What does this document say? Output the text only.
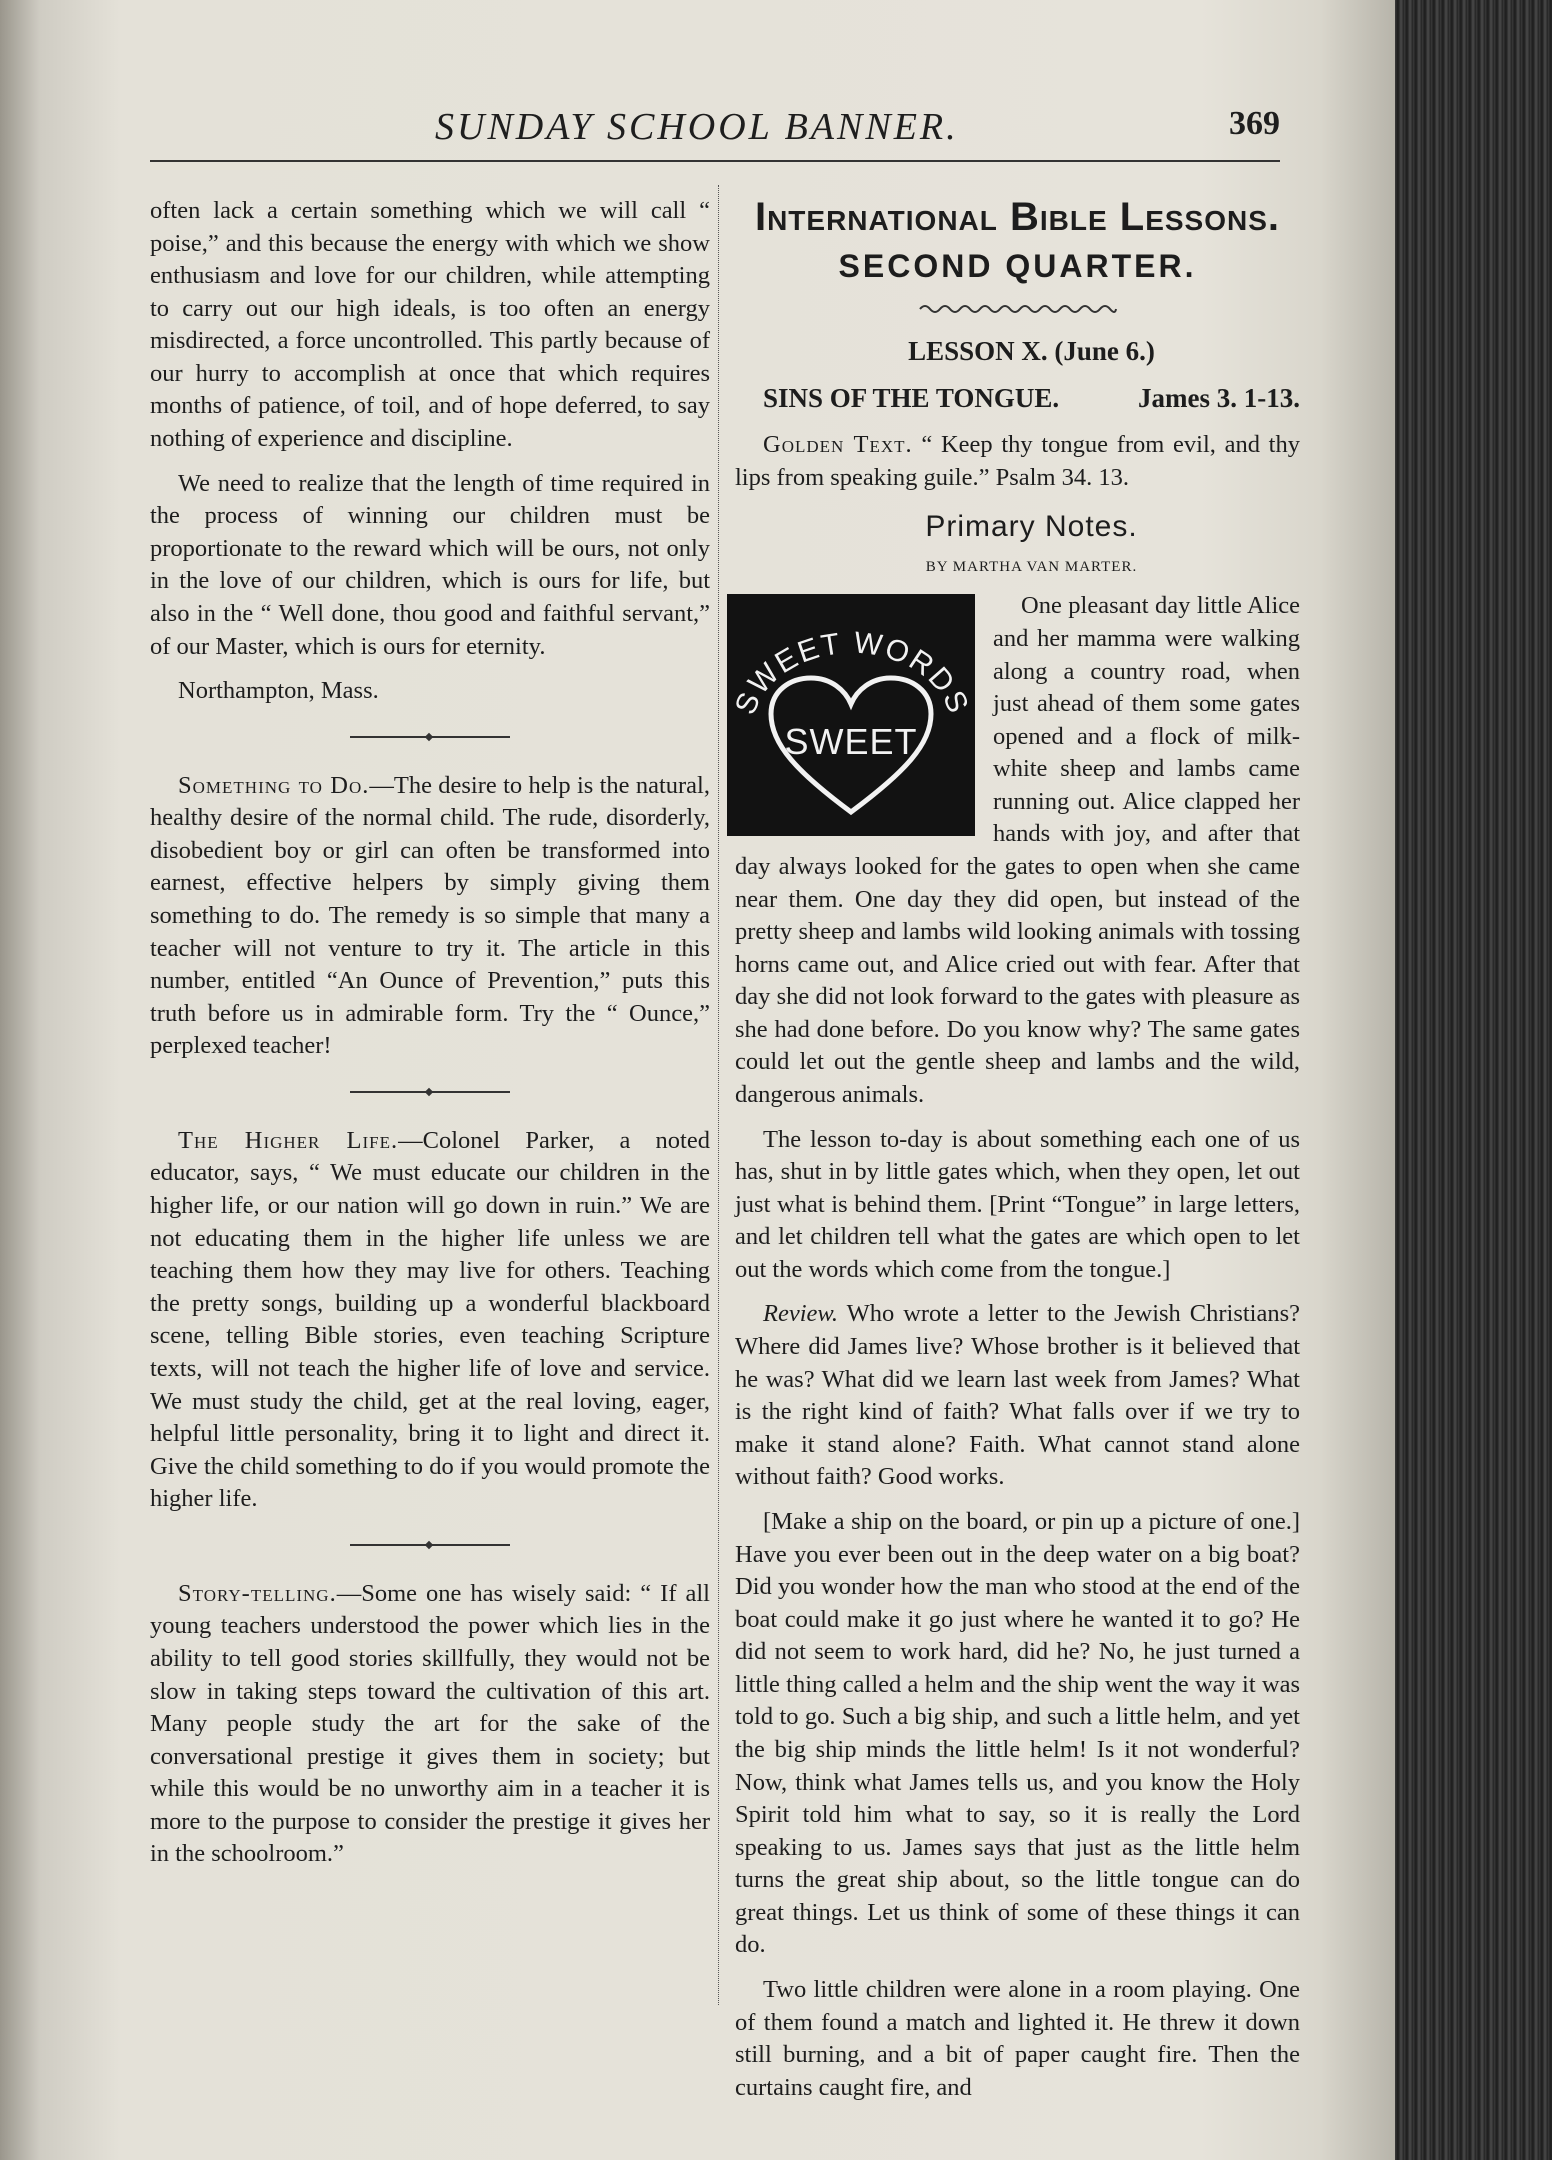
SUNDAY SCHOOL BANNER.	369

often lack a certain something which we will call “ poise,” and this because the energy with which we show enthusiasm and love for our children, while attempting to carry out our high ideals, is too often an energy misdirected, a force uncontrolled. This partly because of our hurry to accomplish at once that which requires months of patience, of toil, and of hope deferred, to say nothing of experience and discipline.

We need to realize that the length of time required in the process of winning our children must be proportionate to the reward which will be ours, not only in the love of our children, which is ours for life, but also in the “ Well done, thou good and faithful servant,” of our Master, which is ours for eternity.

Northampton, Mass.

Something to Do.—The desire to help is the natural, healthy desire of the normal child. The rude, disorderly, disobedient boy or girl can often be transformed into earnest, effective helpers by simply giving them something to do. The remedy is so simple that many a teacher will not venture to try it. The article in this number, entitled “An Ounce of Prevention,” puts this truth before us in admirable form. Try the “ Ounce,” perplexed teacher!

The Higher Life.—Colonel Parker, a noted educator, says, “ We must educate our children in the higher life, or our nation will go down in ruin.” We are not educating them in the higher life unless we are teaching them how they may live for others. Teaching the pretty songs, building up a wonderful blackboard scene, telling Bible stories, even teaching Scripture texts, will not teach the higher life of love and service. We must study the child, get at the real loving, eager, helpful little personality, bring it to light and direct it. Give the child something to do if you would promote the higher life.

Story-telling.—Some one has wisely said: “ If all young teachers understood the power which lies in the ability to tell good stories skillfully, they would not be slow in taking steps toward the cultivation of this art. Many people study the art for the sake of the conversational prestige it gives them in society; but while this would be no unworthy aim in a teacher it is more to the purpose to consider the prestige it gives her in the schoolroom.”

International Bible Lessons.
SECOND QUARTER.

LESSON X. (June 6.)

SINS OF THE TONGUE.	James 3. 1-13.

Golden Text. “ Keep thy tongue from evil, and thy lips from speaking guile.” Psalm 34. 13.

Primary Notes.

BY MARTHA VAN MARTER.

SWEET WORDS
SWEET

One pleasant day little Alice and her mamma were walking along a country road, when just ahead of them some gates opened and a flock of milk-white sheep and lambs came running out. Alice clapped her hands with joy, and after that day always looked for the gates to open when she came near them. One day they did open, but instead of the pretty sheep and lambs wild looking animals with tossing horns came out, and Alice cried out with fear. After that day she did not look forward to the gates with pleasure as she had done before. Do you know why? The same gates could let out the gentle sheep and lambs and the wild, dangerous animals.

The lesson to-day is about something each one of us has, shut in by little gates which, when they open, let out just what is behind them. [Print “Tongue” in large letters, and let children tell what the gates are which open to let out the words which come from the tongue.]

Review. Who wrote a letter to the Jewish Christians? Where did James live? Whose brother is it believed that he was? What did we learn last week from James? What is the right kind of faith? What falls over if we try to make it stand alone? Faith. What cannot stand alone without faith? Good works.

[Make a ship on the board, or pin up a picture of one.] Have you ever been out in the deep water on a big boat? Did you wonder how the man who stood at the end of the boat could make it go just where he wanted it to go? He did not seem to work hard, did he? No, he just turned a little thing called a helm and the ship went the way it was told to go. Such a big ship, and such a little helm, and yet the big ship minds the little helm! Is it not wonderful? Now, think what James tells us, and you know the Holy Spirit told him what to say, so it is really the Lord speaking to us. James says that just as the little helm turns the great ship about, so the little tongue can do great things. Let us think of some of these things it can do.

Two little children were alone in a room playing. One of them found a match and lighted it. He threw it down still burning, and a bit of paper caught fire. Then the curtains caught fire, and
